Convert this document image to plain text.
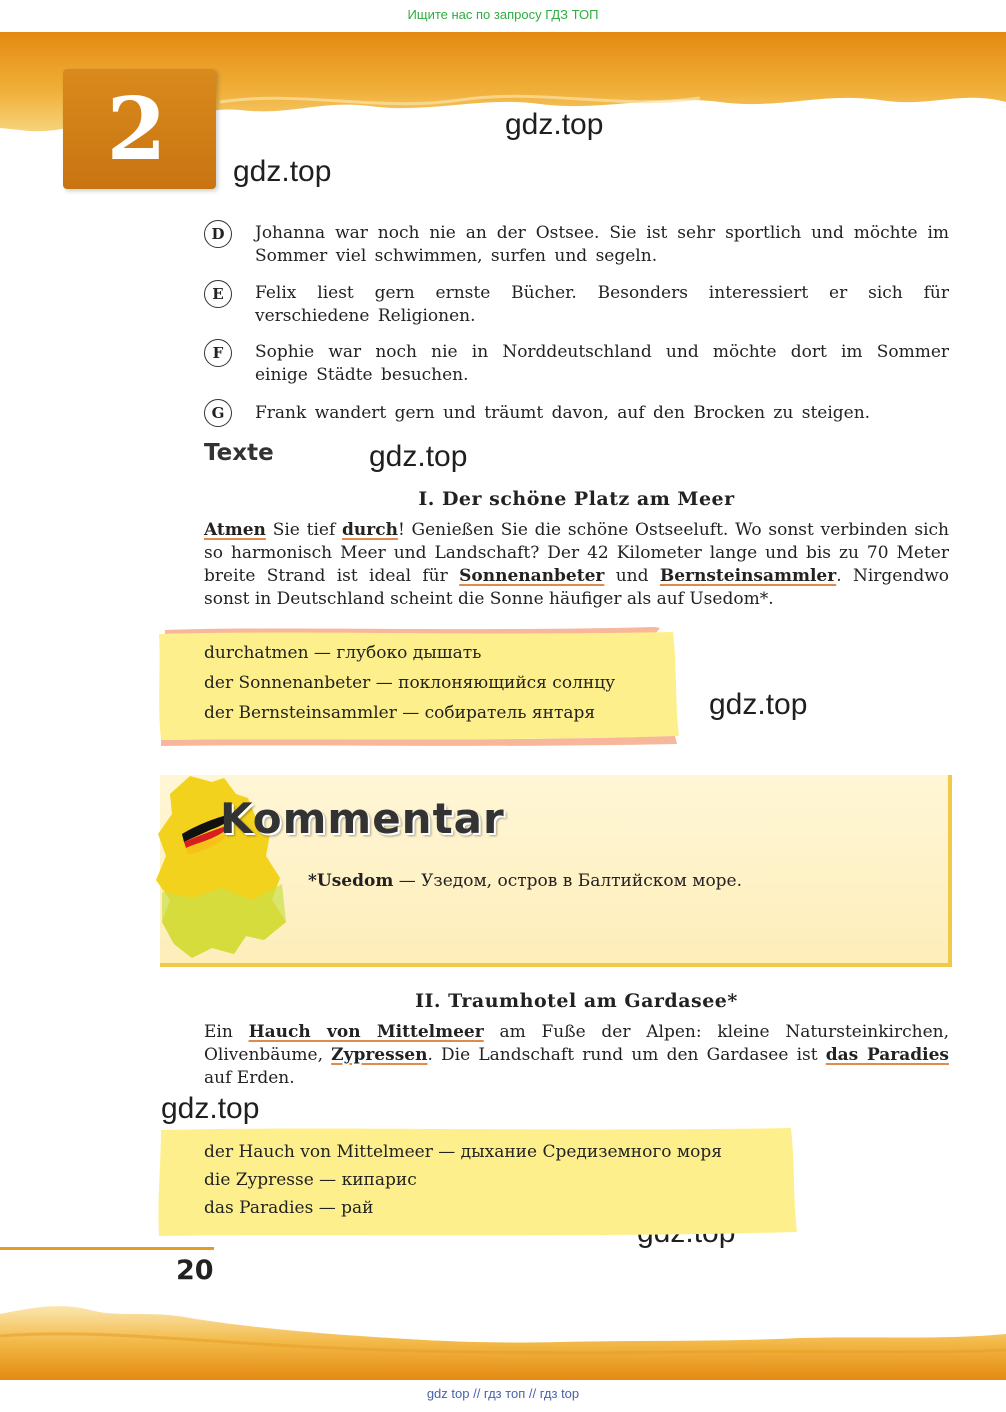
Ищите нас по запросу ГДЗ ТОП
2	gdz.top
gdz.top
gdz.top
gdz.top
gdz.top
D	Johanna war noch nie an der Ostsee. Sie ist sehr sportlich und möchte im Sommer viel schwimmen, surfen und segeln.
E	Felix liest gern ernste Bücher. Besonders interessiert er sich für verschiedene Religionen.
F	Sophie war noch nie in Norddeutschland und möchte dort im Sommer einige Städte besuchen.
G	Frank wandert gern und träumt davon, auf den Brocken zu steigen.
Texte
I. Der schöne Platz am Meer
Atmen Sie tief durch! Genießen Sie die schöne Ostseeluft. Wo sonst verbinden sich so harmonisch Meer und Landschaft? Der 42 Kilometer lange und bis zu 70 Meter breite Strand ist ideal für Sonnenanbeter und Bernsteinsammler. Nirgendwo sonst in Deutschland scheint die Sonne häufiger als auf Usedom*.
durchatmen — глубоко дышать
der Sonnenanbeter — поклоняющийся солнцу
der Bernsteinsammler — собиратель янтаря
Kommentar
*Usedom — Узедом, остров в Балтийском море.
II. Traumhotel am Gardasee*
Ein Hauch von Mittelmeer am Fuße der Alpen: kleine Natursteinkirchen, Olivenbäume, Zypressen. Die Landschaft rund um den Gardasee ist das Paradies auf Erden.
der Hauch von Mittelmeer — дыхание Средиземного моря
die Zypresse — кипарис
das Paradies — рай
20
gdz top // гдз топ // гдз top
